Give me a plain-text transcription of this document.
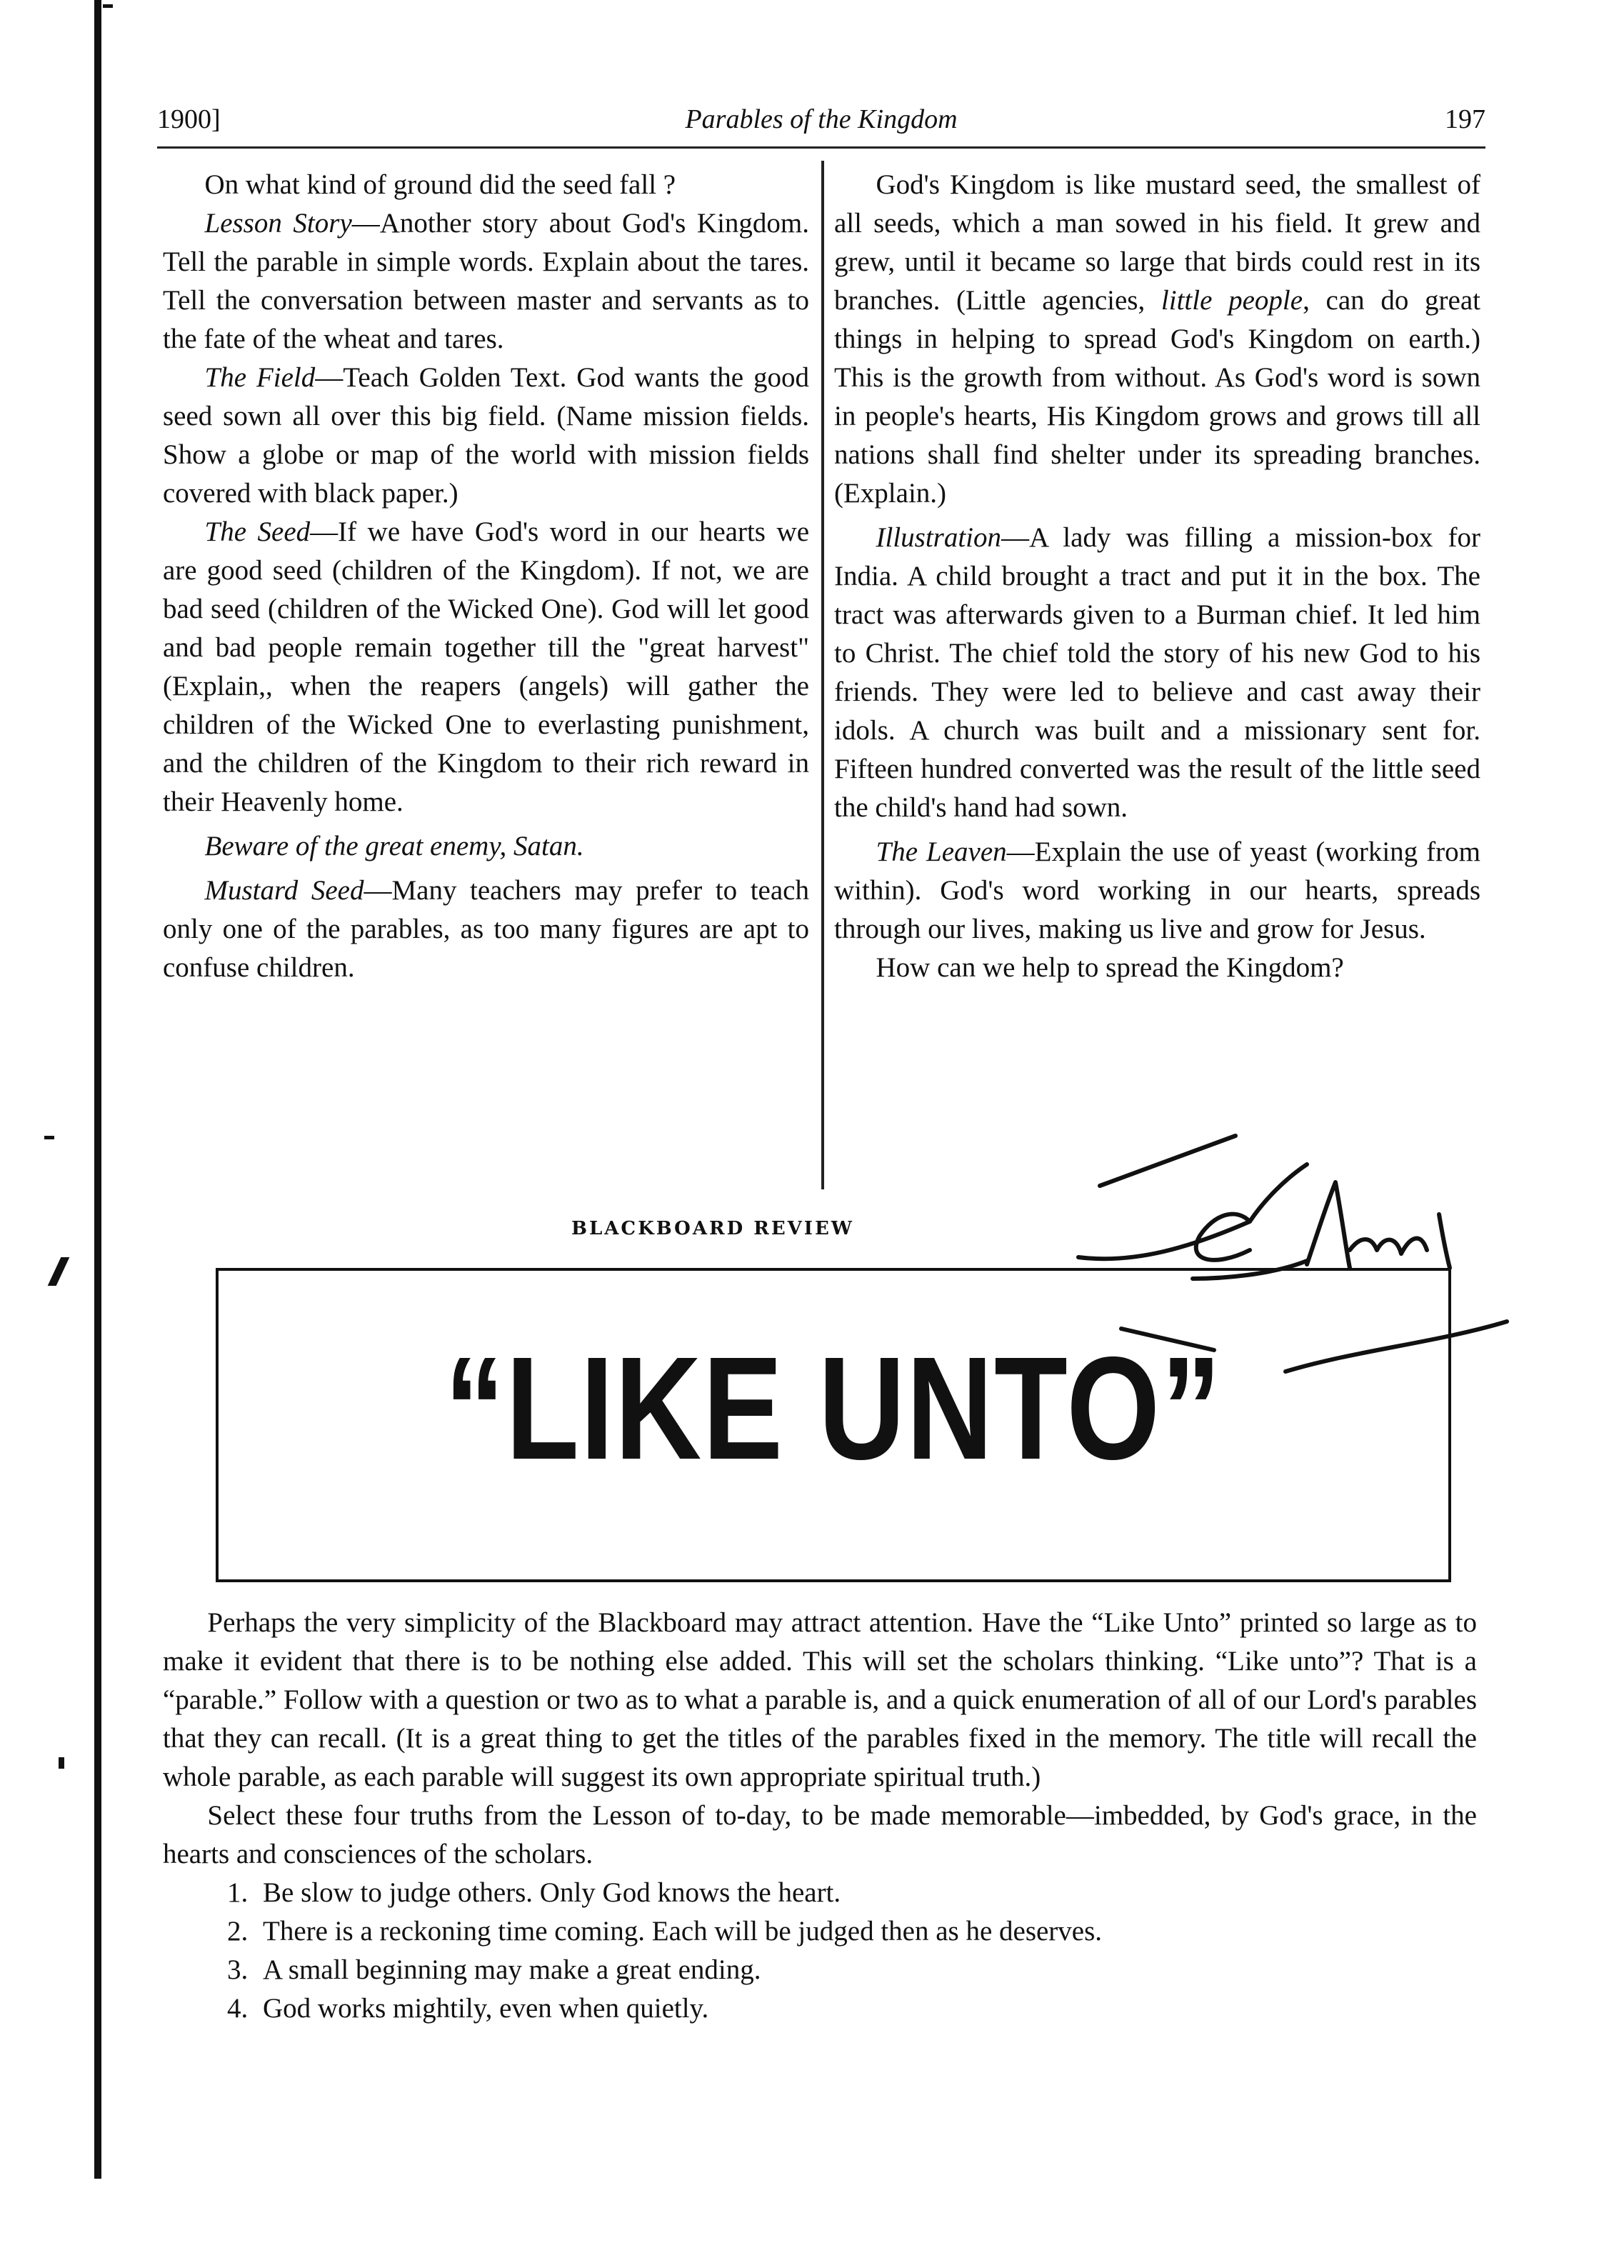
1900]	Parables of the Kingdom	197

On what kind of ground did the seed fall ?

Lesson Story—Another story about God's Kingdom. Tell the parable in simple words. Explain about the tares. Tell the conversation between master and servants as to the fate of the wheat and tares.

The Field—Teach Golden Text. God wants the good seed sown all over this big field. (Name mission fields. Show a globe or map of the world with mission fields covered with black paper.)

The Seed—If we have God's word in our hearts we are good seed (children of the Kingdom). If not, we are bad seed (children of the Wicked One). God will let good and bad people remain together till the "great harvest" (Explain,, when the reapers (angels) will gather the children of the Wicked One to everlasting punishment, and the children of the Kingdom to their rich reward in their Heavenly home.

Beware of the great enemy, Satan.

Mustard Seed—Many teachers may prefer to teach only one of the parables, as too many figures are apt to confuse children.

God's Kingdom is like mustard seed, the smallest of all seeds, which a man sowed in his field. It grew and grew, until it became so large that birds could rest in its branches. (Little agencies, little people, can do great things in helping to spread God's Kingdom on earth.) This is the growth from without. As God's word is sown in people's hearts, His Kingdom grows and grows till all nations shall find shelter under its spreading branches. (Explain.)

Illustration—A lady was filling a mission-box for India. A child brought a tract and put it in the box. The tract was afterwards given to a Burman chief. It led him to Christ. The chief told the story of his new God to his friends. They were led to believe and cast away their idols. A church was built and a missionary sent for. Fifteen hundred converted was the result of the little seed the child's hand had sown.

The Leaven—Explain the use of yeast (working from within). God's word working in our hearts, spreads through our lives, making us live and grow for Jesus.

How can we help to spread the Kingdom?

BLACKBOARD REVIEW
“LIKE UNTO”

Perhaps the very simplicity of the Blackboard may attract attention. Have the “Like Unto” printed so large as to make it evident that there is to be nothing else added. This will set the scholars thinking. “Like unto”? That is a “parable.” Follow with a question or two as to what a parable is, and a quick enumeration of all of our Lord's parables that they can recall. (It is a great thing to get the titles of the parables fixed in the memory. The title will recall the whole parable, as each parable will suggest its own appropriate spiritual truth.)

Select these four truths from the Lesson of to-day, to be made memorable—imbedded, by God's grace, in the hearts and consciences of the scholars.

1. Be slow to judge others. Only God knows the heart.
2. There is a reckoning time coming. Each will be judged then as he deserves.
3. A small beginning may make a great ending.
4. God works mightily, even when quietly.
